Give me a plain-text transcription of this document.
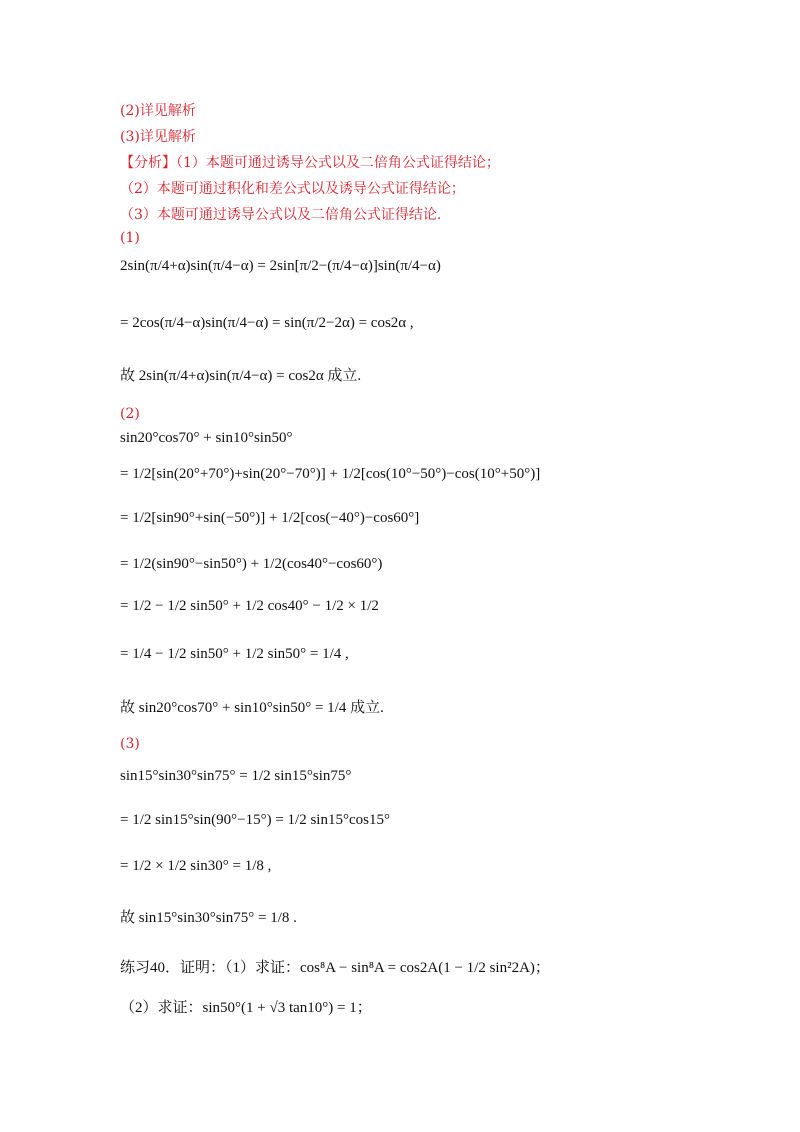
(2)详见解析
(3)详见解析
【分析】（1）本题可通过诱导公式以及二倍角公式证得结论；
（2）本题可通过积化和差公式以及诱导公式证得结论；
（3）本题可通过诱导公式以及二倍角公式证得结论.
(1)
2sin(π/4+α)sin(π/4−α) = 2sin[π/2−(π/4−α)]sin(π/4−α)
= 2cos(π/4−α)sin(π/4−α) = sin(π/2−2α) = cos2α ,
故 2sin(π/4+α)sin(π/4−α) = cos2α 成立.
(2)
sin20°cos70° + sin10°sin50°
= 1/2[sin(20°+70°)+sin(20°−70°)] + 1/2[cos(10°−50°)−cos(10°+50°)]
= 1/2[sin90°+sin(−50°)] + 1/2[cos(−40°)−cos60°]
= 1/2(sin90°−sin50°) + 1/2(cos40°−cos60°)
= 1/2 − 1/2 sin50° + 1/2 cos40° − 1/2 × 1/2
= 1/4 − 1/2 sin50° + 1/2 sin50° = 1/4 ,
故 sin20°cos70° + sin10°sin50° = 1/4 成立.
(3)
sin15°sin30°sin75° = 1/2 sin15°sin75°
= 1/2 sin15°sin(90°−15°) = 1/2 sin15°cos15°
= 1/2 × 1/2 sin30° = 1/8 ,
故 sin15°sin30°sin75° = 1/8 .
练习40．证明：（1）求证：cos⁸A − sin⁸A = cos2A(1 − 1/2 sin²2A)；
（2）求证：sin50°(1 + √3 tan10°) = 1；
